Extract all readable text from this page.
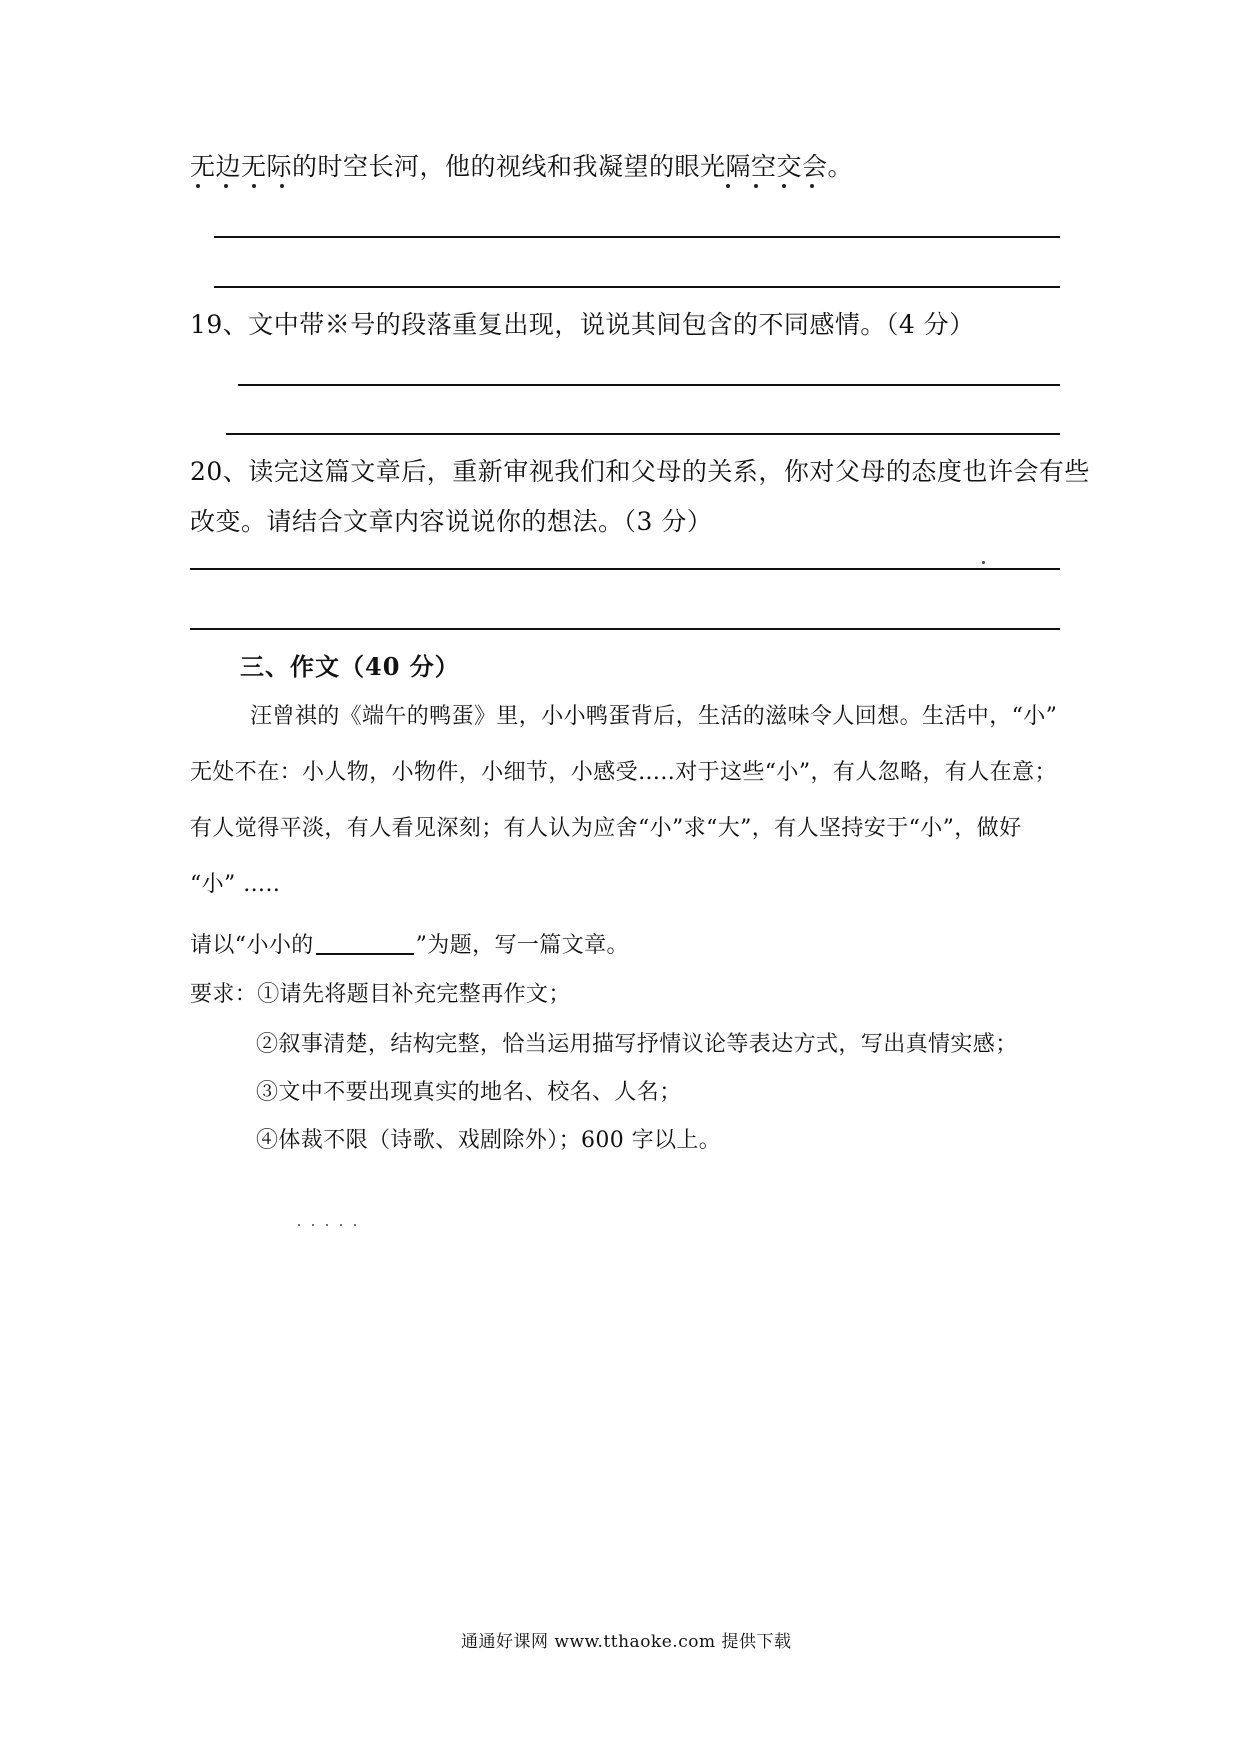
无边无际的时空长河，他的视线和我凝望的眼光隔空交会。
19、文中带※号的段落重复出现，说说其间包含的不同感情。（4 分）
20、读完这篇文章后，重新审视我们和父母的关系，你对父母的态度也许会有些
改变。请结合文章内容说说你的想法。（3 分）
三、作文（40 分）
汪曾祺的《端午的鸭蛋》里，小小鸭蛋背后，生活的滋味令人回想。生活中，“小”
无处不在：小人物，小物件，小细节，小感受…..对于这些“小”，有人忽略，有人在意；
有人觉得平淡，有人看见深刻；有人认为应舍“小”求“大”，有人坚持安于“小”，做好
“小” …..
请以“小小的	”为题，写一篇文章。
要求：①请先将题目补充完整再作文；
②叙事清楚，结构完整，恰当运用描写抒情议论等表达方式，写出真情实感；
③文中不要出现真实的地名、校名、人名；
④体裁不限（诗歌、戏剧除外）；600 字以上。
通通好课网 www.tthaoke.com 提供下载
